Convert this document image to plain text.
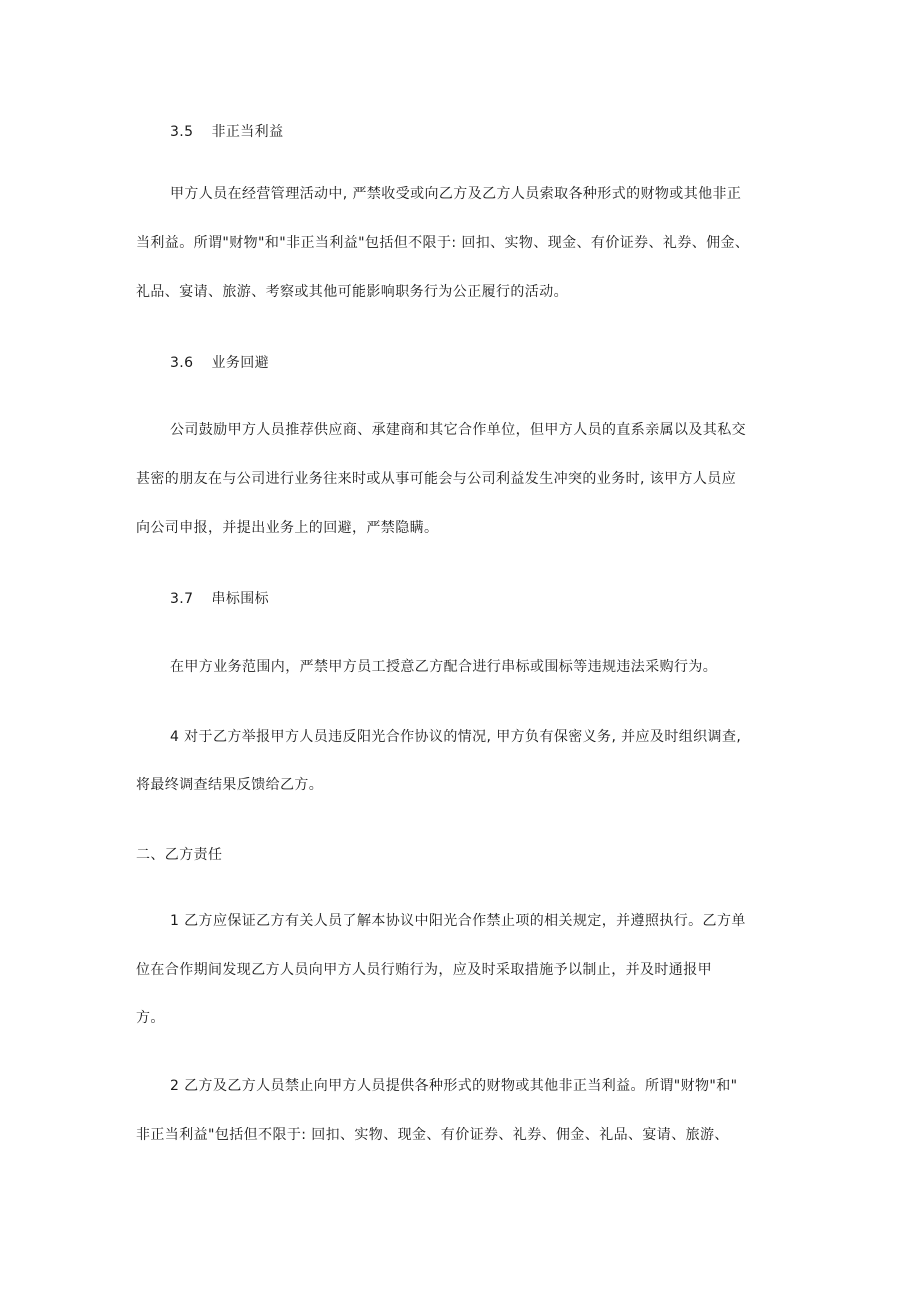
3.5 非正当利益
甲方人员在经营管理活动中, 严禁收受或向乙方及乙方人员索取各种形式的财物或其他非正
当利益。所谓"财物"和"非正当利益"包括但不限于: 回扣、实物、现金、有价证券、礼券、佣金、
礼品、宴请、旅游、考察或其他可能影响职务行为公正履行的活动。
3.6 业务回避
公司鼓励甲方人员推荐供应商、承建商和其它合作单位，但甲方人员的直系亲属以及其私交
甚密的朋友在与公司进行业务往来时或从事可能会与公司利益发生冲突的业务时, 该甲方人员应
向公司申报，并提出业务上的回避，严禁隐瞒。
3.7 串标围标
在甲方业务范围内，严禁甲方员工授意乙方配合进行串标或围标等违规违法采购行为。
4 对于乙方举报甲方人员违反阳光合作协议的情况, 甲方负有保密义务, 并应及时组织调查,
将最终调查结果反馈给乙方。
二、乙方责任
1 乙方应保证乙方有关人员了解本协议中阳光合作禁止项的相关规定，并遵照执行。乙方单
位在合作期间发现乙方人员向甲方人员行贿行为，应及时采取措施予以制止，并及时通报甲
方。
2 乙方及乙方人员禁止向甲方人员提供各种形式的财物或其他非正当利益。所谓"财物"和"
非正当利益"包括但不限于: 回扣、实物、现金、有价证券、礼券、佣金、礼品、宴请、旅游、
